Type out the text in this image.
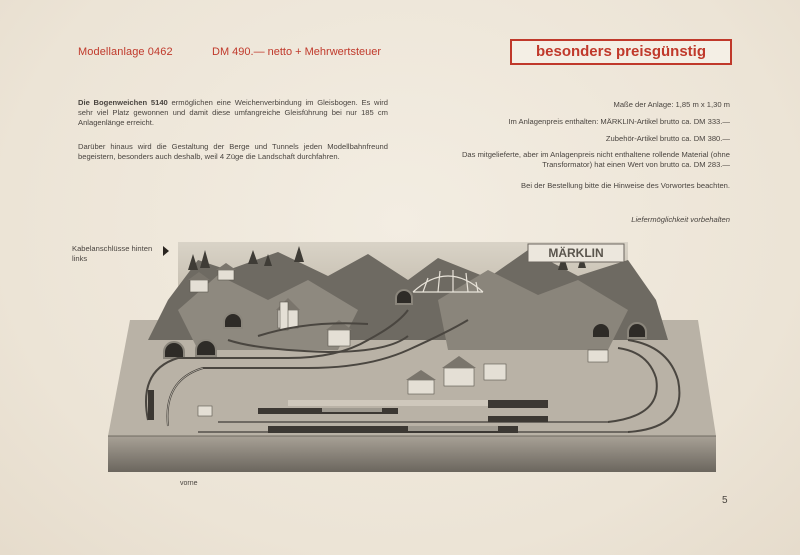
Modellanlage 0462	DM 490.— netto + Mehrwertsteuer	besonders preisgünstig
Die Bogenweichen 5140 ermöglichen eine Weichenverbindung im Gleisbogen. Es wird sehr viel Platz gewonnen und damit diese umfangreiche Gleisführung bei nur 185 cm Anlagenlänge erreicht.
Darüber hinaus wird die Gestaltung der Berge und Tunnels jeden Modellbahnfreund begeistern, besonders auch deshalb, weil 4 Züge die Landschaft durchfahren.
Maße der Anlage: 1,85 m x 1,30 m
Im Anlagenpreis enthalten: MÄRKLIN-Artikel brutto ca. DM 333.—
Zubehör-Artikel brutto ca. DM 380.—
Das mitgelieferte, aber im Anlagenpreis nicht enthaltene rollende Material (ohne Transformator) hat einen Wert von brutto ca. DM 283.—
Bei der Bestellung bitte die Hinweise des Vorwortes beachten.
Liefermöglichkeit vorbehalten
Kabelanschlüsse hinten links	MÄRKLIN
vorne
5
